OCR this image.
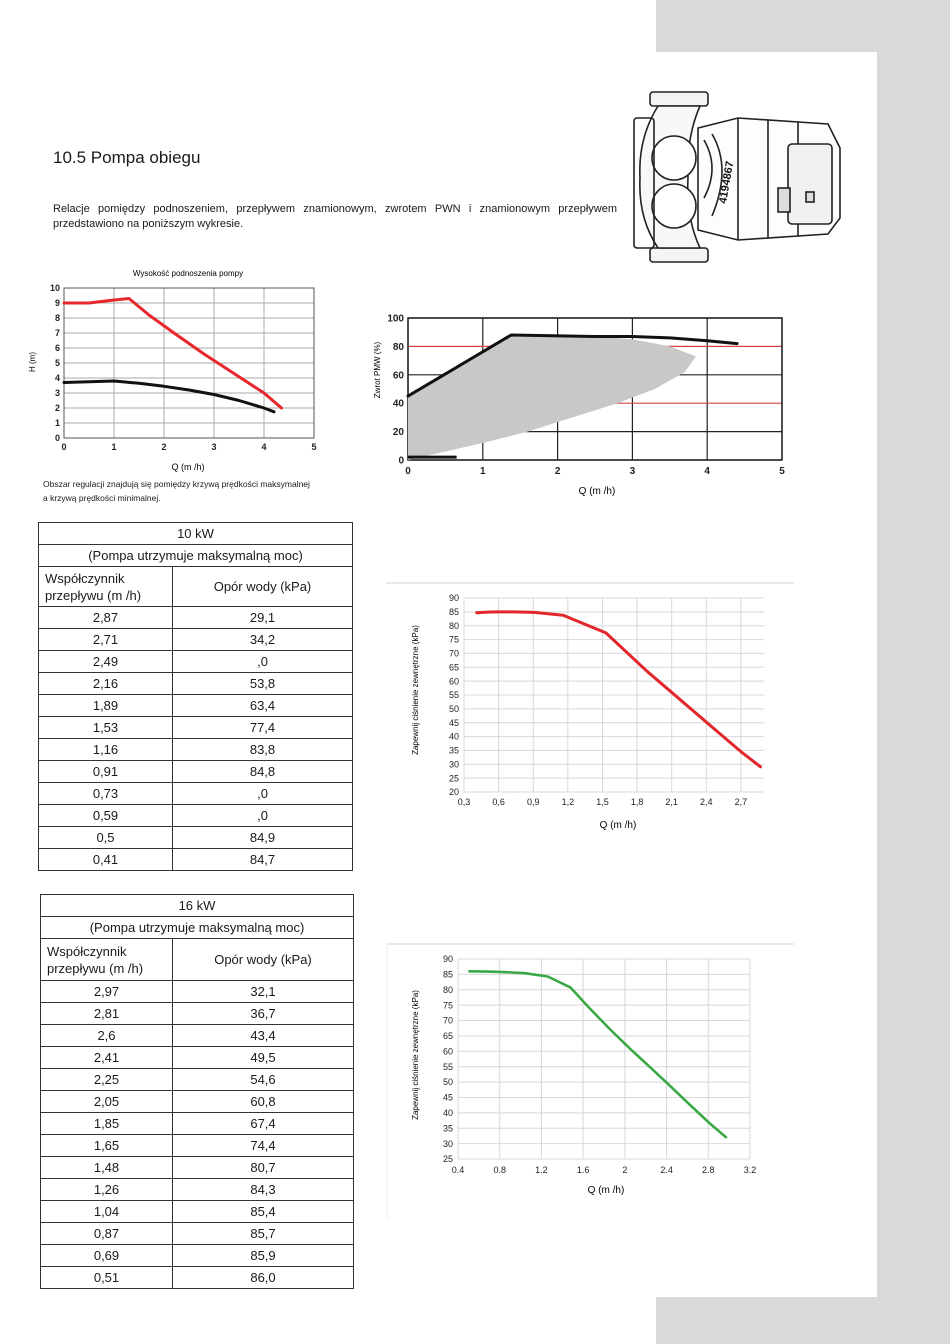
10.5 Pompa obiegu
Relacje pomiędzy podnoszeniem, przepływem znamionowym, zwrotem PWN i znamionowym przepływem przedstawiono na poniższym wykresie.
4194867
Wysokość podnoszenia pompy
H (m)
Q (m /h)
0	1	2	3	4	5
0
1
2
3
4
5
6
7
8
9
10
Zwrot PMW (%)
Q (m /h)
0	1	2	3	4	5
0
20
40
60
80
100
Obszar regulacji znajdują się pomiędzy krzywą prędkości maksymalnej a krzywą prędkości minimalnej.
10 kW	
(Pompa utrzymuje maksymalną moc)	
Współczynnik przepływu (m /h)	Opór wody (kPa)
2,87	29,1
2,71	34,2
2,49	,0
2,16	53,8
1,89	63,4
1,53	77,4
1,16	83,8
0,91	84,8
0,73	,0
0,59	,0
0,5	84,9
0,41	84,7
16 kW	
(Pompa utrzymuje maksymalną moc)	
Współczynnik przepływu (m /h)	Opór wody (kPa)
2,97	32,1
2,81	36,7
2,6	43,4
2,41	49,5
2,25	54,6
2,05	60,8
1,85	67,4
1,65	74,4
1,48	80,7
1,26	84,3
1,04	85,4
0,87	85,7
0,69	85,9
0,51	86,0
Zapewnij ciśnienie zewnętrzne (kPa)
Q (m /h)
0,3 0,6 0,9 1,2 1,5 1,8 2,1 2,4 2,7
20
25
30
35
40
45
50
55
60
65
70
75
80
85
90
Zapewnij ciśnienie zewnętrzne (kPa)
Q (m /h)
0.4	0.8	1.2	1.6	2	2.4	2.8	3.2
25
30
35
40
45
50
55
60
65
70
75
80
85
90
